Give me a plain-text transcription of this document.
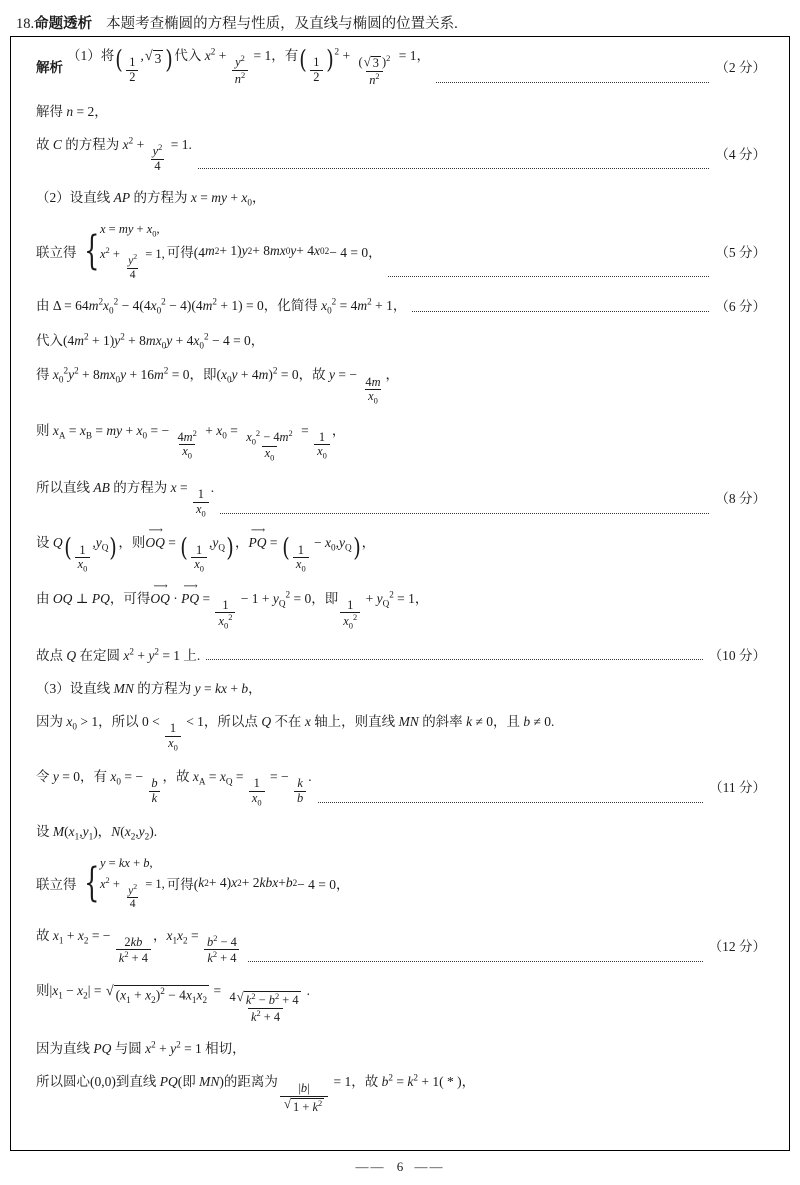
18.命题透析 本题考查椭圆的方程与性质，及直线与椭圆的位置关系.
解析
（1）将( $\frac{1}{2}$
, √ 3 )代入 $x^2 + \frac{y^2}{n^2} = 1$，有( $\frac{1}{2} )^2 + \frac{( √ 3 )^2}{n^2} = 1$，
（2 分）
解得 n = 2，
故 C 的方程为 $x^2 + \frac{y^2}{4} = 1$.
（4 分）
（2）设直线 AP 的方程为 x = my + $x_0$，
联立得 { x = my + $x_0$,
$x^2 + \frac{y^2}{4} = 1$, 可得(4 m 2 + 1) y 2 + 8 mx 0 y + 4 x 0 2 − 4 = 0，	（5 分）
由 $\Delta = 64m^2x_0^2 - 4(4x_0^2 - 4)(4m^2 + 1) = 0$，化简得 $x_0^2 = 4m^2 + 1$，	（6 分）
代入$(4m^2 + 1)y^2 + 8mx_0y + 4x_0^2 - 4 = 0$，
得 $x_0^2y^2 + 8mx_0y + 16m^2 = 0$，即$(x_0y + 4m)^2 = 0$，故 y = −
$\frac{4m}{x_0}$
，
则 $x_A = x_B$ = my + $x_0$ = − $\frac{4m^2}{x_0} + x_0 = \frac{x_0^2 - 4m^2}{x_0}$ =
$\frac{1}{x_0}$
，
所以直线 AB 的方程为 x =
$\frac{1}{x_0}$
.
（8 分）
设 $Q( \frac{1}{x_0}$
$,y_Q$)，则
⟶
OQ = ( $\frac{1}{x_0}$
$,y_Q$)，
⟶
PQ = ( $\frac{1}{x_0}$
− $x_0,y_Q$)，
由 OQ ⊥ PQ，可得
⟶
OQ ·
⟶
PQ =
$\frac{1}{x_0^2}$
− $1 + y_Q^2 = 0$，即
$\frac{1}{x_0^2}$
+ $y_Q^2 = 1$，
故点 Q 在定圆 $x^2 + y^2 = 1$ 上.	（10 分）
（3）设直线 MN 的方程为 y = kx + b，
因为 $x_0 > 1$，所以 0 <
$\frac{1}{x_0}$
< 1，所以点 Q 不在 x 轴上，则直线 MN 的斜率 k ≠ 0，且 b ≠ 0.
令 y = 0，有 $x_0$ = −
$\frac{b}{k}$
，故 $x_A = x_Q$ =
$\frac{1}{x_0}$
= −
$\frac{k}{b}$
.
（11 分）
设 $M(x_1,y_1)$，$N(x_2,y_2)$.
联立得 { y = kx + b,
$x^2 + \frac{y^2}{4} = 1$, 可得( k 2 + 4) x 2 + 2 kbx + b 2 − 4 = 0，
故 $x_1 + x_2$ = −
$\frac{2kb}{k^2 + 4}$
，$x_1x_2 = \frac{b^2 - 4}{k^2 + 4}$	（12 分）
则$|x_1 - x_2|$ = √ $(x_1 + x_2)^2 - 4x_1x_2$
= $\frac{4 √ k^2 - b^2 + 4}{k^2 + 4}$ .
因为直线 PQ 与圆 $x^2 + y^2 = 1$ 相切，
所以圆心(0,0)到直线 PQ(即 MN)的距离为
$\frac{|b|}{√ 1 + k^2}$
= 1，故 $b^2 = k^2 + 1$( * )，
—— 6 ——
